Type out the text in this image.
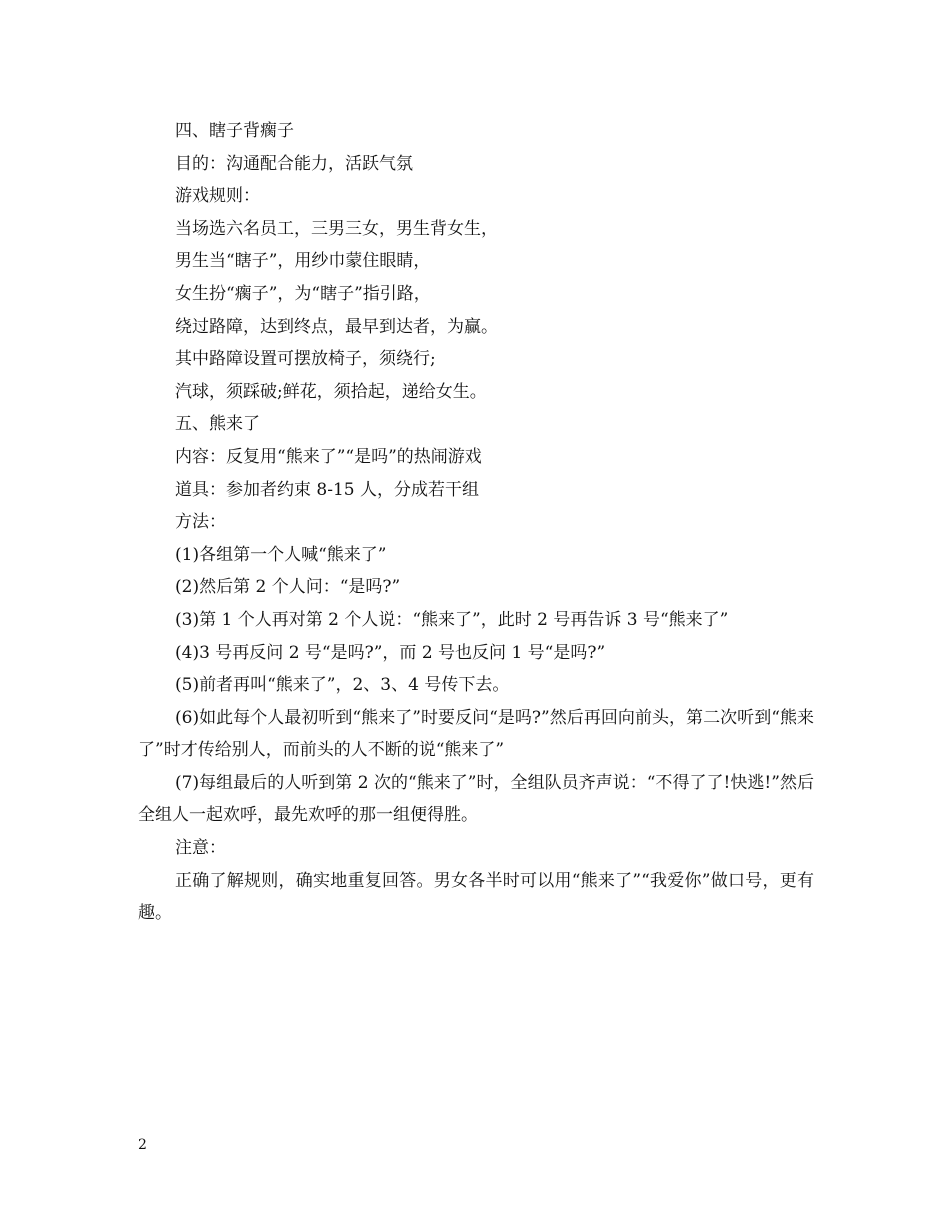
四、瞎子背瘸子
目的：沟通配合能力，活跃气氛
游戏规则：
当场选六名员工，三男三女，男生背女生，
男生当“瞎子”，用纱巾蒙住眼睛，
女生扮“瘸子”，为“瞎子”指引路，
绕过路障，达到终点，最早到达者，为赢。
其中路障设置可摆放椅子，须绕行;
汽球，须踩破;鲜花，须拾起，递给女生。
五、熊来了
内容：反复用“熊来了”“是吗”的热闹游戏
道具：参加者约束 8-15 人，分成若干组
方法：
(1)各组第一个人喊“熊来了”
(2)然后第 2 个人问：“是吗?”
(3)第 1 个人再对第 2 个人说：“熊来了”，此时 2 号再告诉 3 号“熊来了”
(4)3 号再反问 2 号“是吗?”，而 2 号也反问 1 号“是吗?”
(5)前者再叫“熊来了”，2、3、4 号传下去。
(6)如此每个人最初听到“熊来了”时要反问“是吗?”然后再回向前头，第二次听到“熊来了”时才传给别人，而前头的人不断的说“熊来了”
(7)每组最后的人听到第 2 次的“熊来了”时，全组队员齐声说：“不得了了!快逃!”然后全组人一起欢呼，最先欢呼的那一组便得胜。
注意：
正确了解规则，确实地重复回答。男女各半时可以用“熊来了”“我爱你”做口号，更有趣。
2
